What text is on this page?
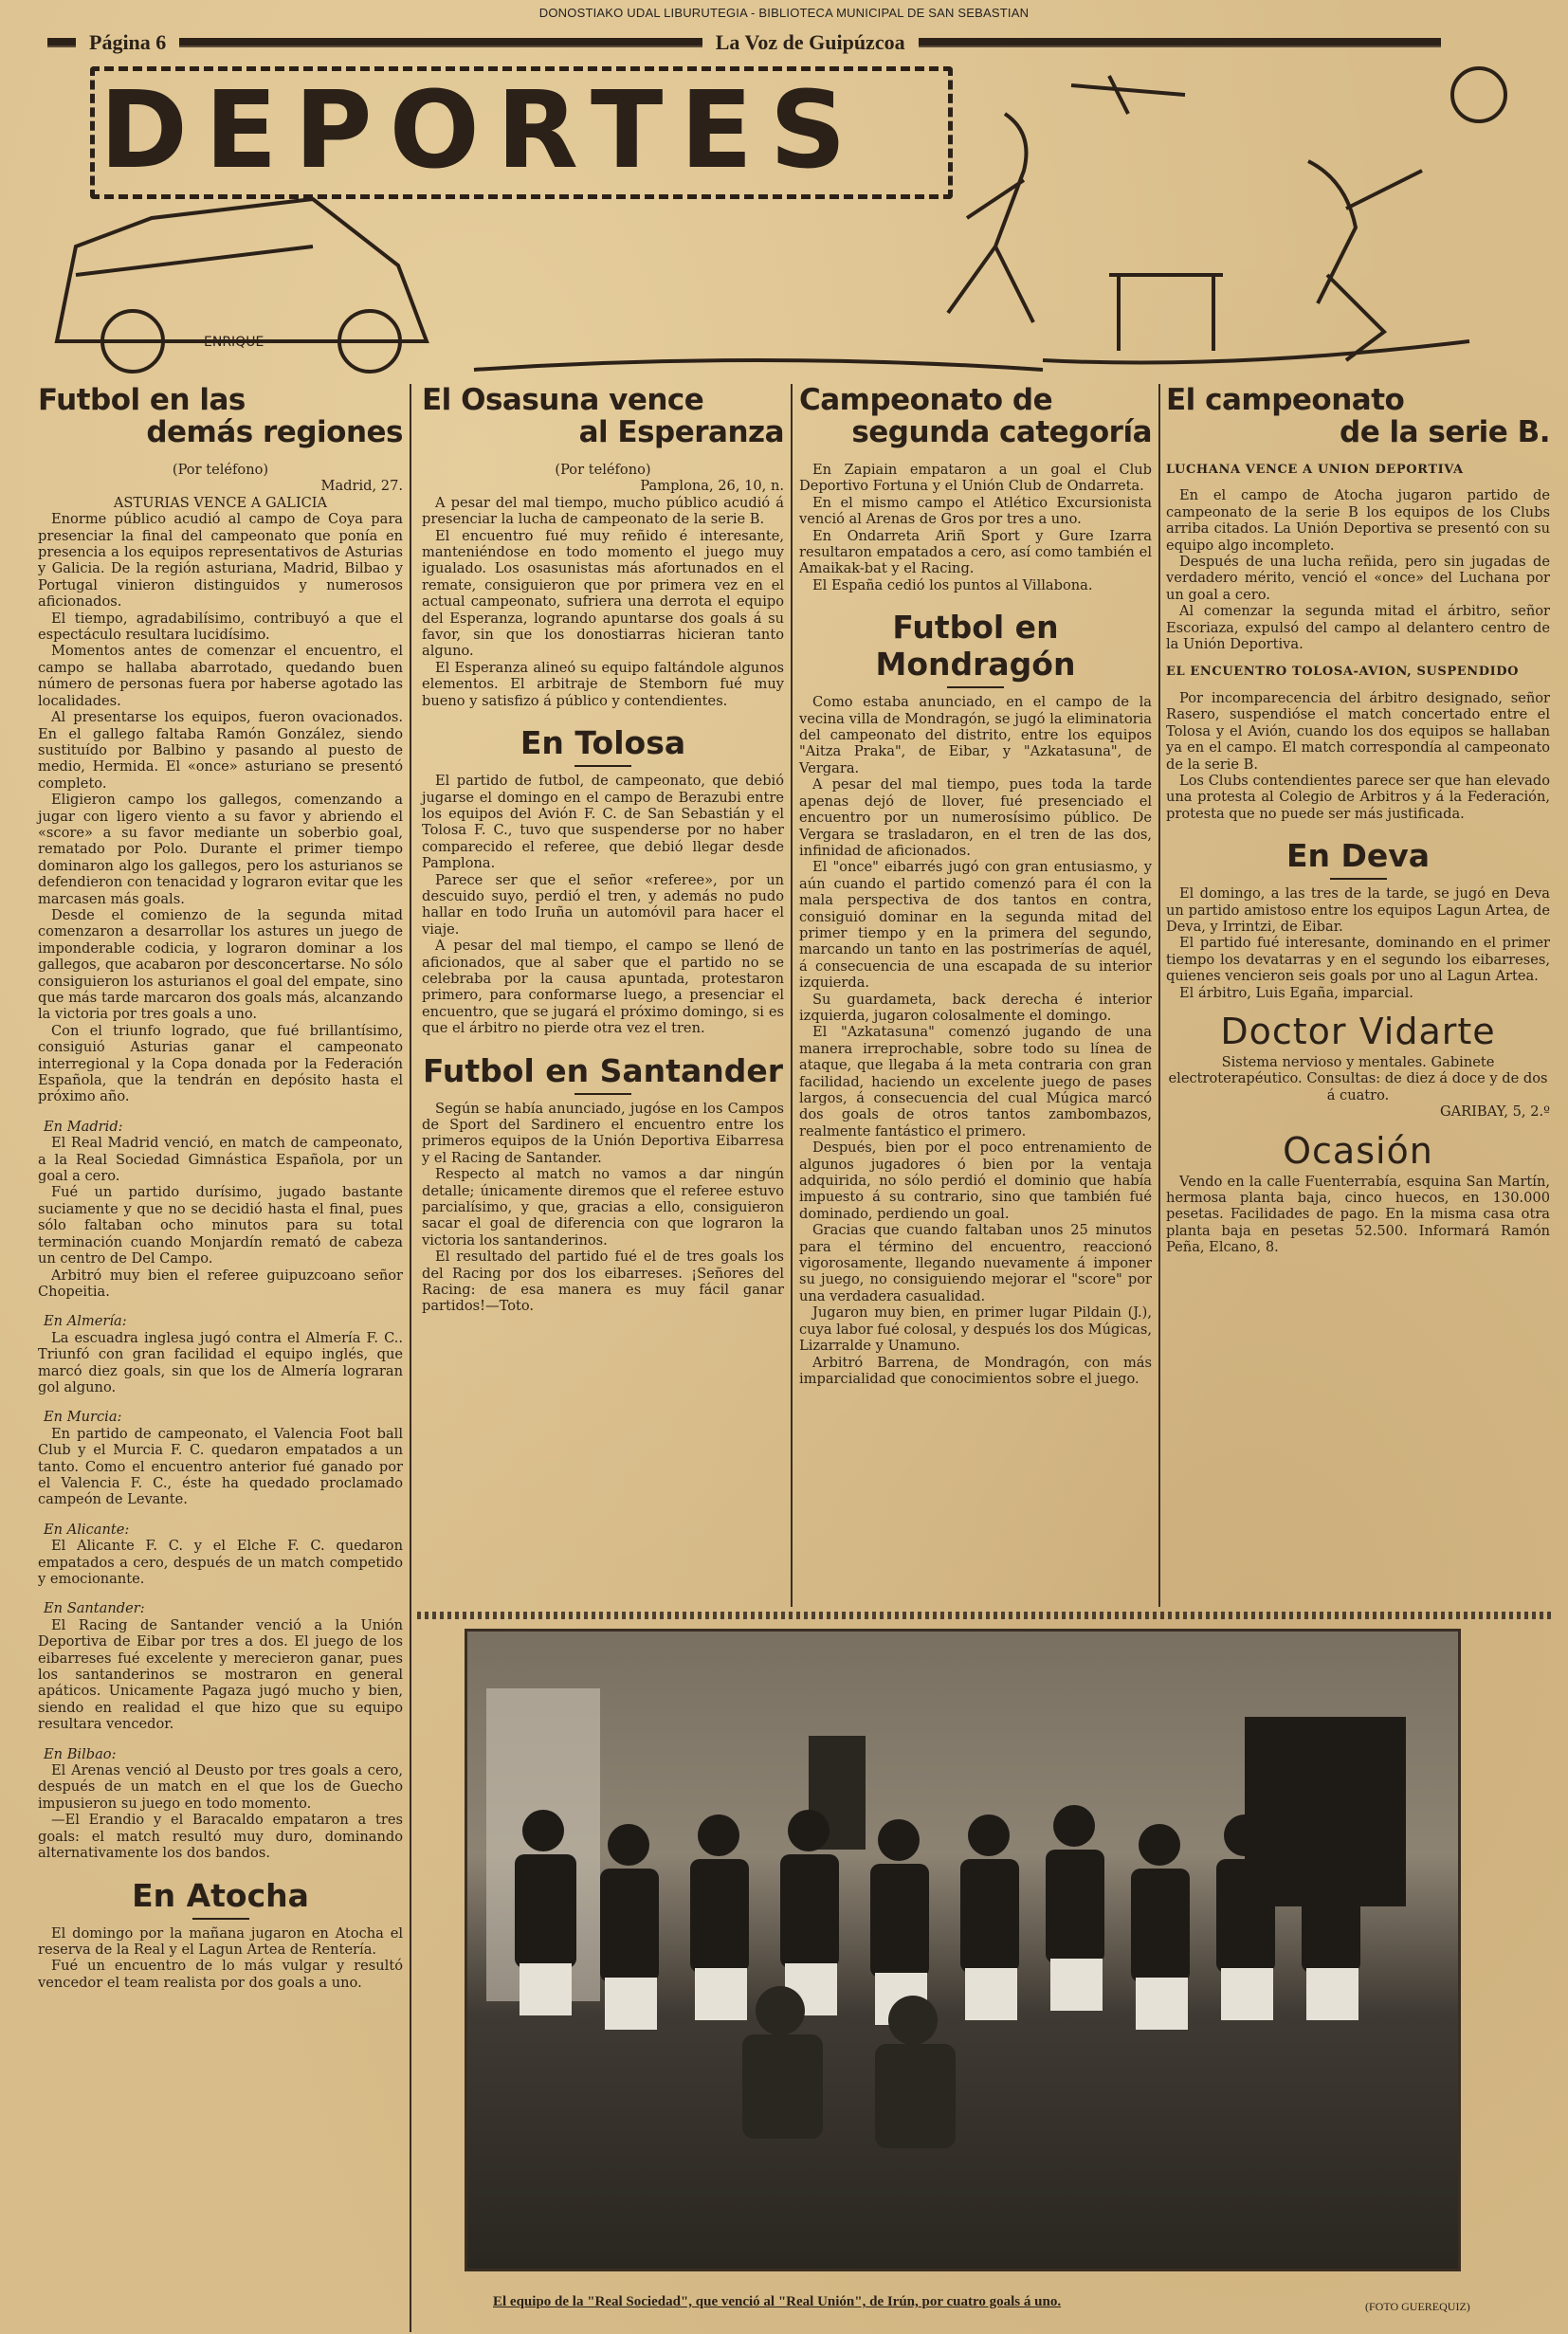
DONOSTIAKO UDAL LIBURUTEGIA - BIBLIOTECA MUNICIPAL DE SAN SEBASTIAN
Página 6	La Voz de Guipúzcoa
ENRIQUE
DEPORTES
Futbol en las
demás regiones
(Por teléfono)
Madrid, 27.
ASTURIAS VENCE A GALICIA

Enorme público acudió al campo de Coya para presenciar la final del campeonato que ponía en presencia a los equipos representativos de Asturias y Galicia. De la región asturiana, Madrid, Bilbao y Portugal vinieron distinguidos y numerosos aficionados.

El tiempo, agradabilísimo, contribuyó a que el espectáculo resultara lucidísimo.

Momentos antes de comenzar el encuentro, el campo se hallaba abarrotado, quedando buen número de personas fuera por haberse agotado las localidades.

Al presentarse los equipos, fueron ovacionados. En el gallego faltaba Ramón González, siendo sustituído por Balbino y pasando al puesto de medio, Hermida. El «once» asturiano se presentó completo.

Eligieron campo los gallegos, comenzando a jugar con ligero viento a su favor y abriendo el «score» a su favor mediante un soberbio goal, rematado por Polo. Durante el primer tiempo dominaron algo los gallegos, pero los asturianos se defendieron con tenacidad y lograron evitar que les marcasen más goals.

Desde el comienzo de la segunda mitad comenzaron a desarrollar los astures un juego de imponderable codicia, y lograron dominar a los gallegos, que acabaron por desconcertarse. No sólo consiguieron los asturianos el goal del empate, sino que más tarde marcaron dos goals más, alcanzando la victoria por tres goals a uno.

Con el triunfo logrado, que fué brillantísimo, consiguió Asturias ganar el campeonato interregional y la Copa donada por la Federación Española, que la tendrán en depósito hasta el próximo año.

En Madrid:

El Real Madrid venció, en match de campeonato, a la Real Sociedad Gimnástica Española, por un goal a cero.

Fué un partido durísimo, jugado bastante suciamente y que no se decidió hasta el final, pues sólo faltaban ocho minutos para su total terminación cuando Monjardín remató de cabeza un centro de Del Campo.

Arbitró muy bien el referee guipuzcoano señor Chopeitia.

En Almería:

La escuadra inglesa jugó contra el Almería F. C.. Triunfó con gran facilidad el equipo inglés, que marcó diez goals, sin que los de Almería lograran gol alguno.

En Murcia:

En partido de campeonato, el Valencia Foot ball Club y el Murcia F. C. quedaron empatados a un tanto. Como el encuentro anterior fué ganado por el Valencia F. C., éste ha quedado proclamado campeón de Levante.

En Alicante:

El Alicante F. C. y el Elche F. C. quedaron empatados a cero, después de un match competido y emocionante.

En Santander:

El Racing de Santander venció a la Unión Deportiva de Eibar por tres a dos. El juego de los eibarreses fué excelente y merecieron ganar, pues los santanderinos se mostraron en general apáticos. Unicamente Pagaza jugó mucho y bien, siendo en realidad el que hizo que su equipo resultara vencedor.

En Bilbao:

El Arenas venció al Deusto por tres goals a cero, después de un match en el que los de Guecho impusieron su juego en todo momento.

—El Erandio y el Baracaldo empataron a tres goals: el match resultó muy duro, dominando alternativamente los dos bandos.

En Atocha

El domingo por la mañana jugaron en Atocha el reserva de la Real y el Lagun Artea de Rentería.

Fué un encuentro de lo más vulgar y resultó vencedor el team realista por dos goals a uno.

El Osasuna vence
al Esperanza
(Por teléfono)
Pamplona, 26, 10, n.

A pesar del mal tiempo, mucho público acudió á presenciar la lucha de campeonato de la serie B.

El encuentro fué muy reñido é interesante, manteniéndose en todo momento el juego muy igualado. Los osasunistas más afortunados en el remate, consiguieron que por primera vez en el actual campeonato, sufriera una derrota el equipo del Esperanza, logrando apuntarse dos goals á su favor, sin que los donostiarras hicieran tanto alguno.

El Esperanza alineó su equipo faltándole algunos elementos. El arbitraje de Stemborn fué muy bueno y satisfizo á público y contendientes.

En Tolosa

El partido de futbol, de campeonato, que debió jugarse el domingo en el campo de Berazubi entre los equipos del Avión F. C. de San Sebastián y el Tolosa F. C., tuvo que suspenderse por no haber comparecido el referee, que debió llegar desde Pamplona.

Parece ser que el señor «referee», por un descuido suyo, perdió el tren, y además no pudo hallar en todo Iruña un automóvil para hacer el viaje.

A pesar del mal tiempo, el campo se llenó de aficionados, que al saber que el partido no se celebraba por la causa apuntada, protestaron primero, para conformarse luego, a presenciar el encuentro, que se jugará el próximo domingo, si es que el árbitro no pierde otra vez el tren.

Futbol en Santander

Según se había anunciado, jugóse en los Campos de Sport del Sardinero el encuentro entre los primeros equipos de la Unión Deportiva Eibarresa y el Racing de Santander.

Respecto al match no vamos a dar ningún detalle; únicamente diremos que el referee estuvo parcialísimo, y que, gracias a ello, consiguieron sacar el goal de diferencia con que lograron la victoria los santanderinos.

El resultado del partido fué el de tres goals los del Racing por dos los eibarreses. ¡Señores del Racing: de esa manera es muy fácil ganar partidos!—Toto.

Campeonato de
segunda categoría

En Zapiain empataron a un goal el Club Deportivo Fortuna y el Unión Club de Ondarreta.

En el mismo campo el Atlético Excursionista venció al Arenas de Gros por tres a uno.

En Ondarreta Ariñ Sport y Gure Izarra resultaron empatados a cero, así como también el Amaikak-bat y el Racing.

El España cedió los puntos al Villabona.

Futbol en Mondragón

Como estaba anunciado, en el campo de la vecina villa de Mondragón, se jugó la eliminatoria del campeonato del distrito, entre los equipos "Aitza Praka", de Eibar, y "Azkatasuna", de Vergara.

A pesar del mal tiempo, pues toda la tarde apenas dejó de llover, fué presenciado el encuentro por un numerosísimo público. De Vergara se trasladaron, en el tren de las dos, infinidad de aficionados.

El "once" eibarrés jugó con gran entusiasmo, y aún cuando el partido comenzó para él con la mala perspectiva de dos tantos en contra, consiguió dominar en la segunda mitad del primer tiempo y en la primera del segundo, marcando un tanto en las postrimerías de aquél, á consecuencia de una escapada de su interior izquierda.

Su guardameta, back derecha é interior izquierda, jugaron colosalmente el domingo.

El "Azkatasuna" comenzó jugando de una manera irreprochable, sobre todo su línea de ataque, que llegaba á la meta contraria con gran facilidad, haciendo un excelente juego de pases largos, á consecuencia del cual Múgica marcó dos goals de otros tantos zambombazos, realmente fantástico el primero.

Después, bien por el poco entrenamiento de algunos jugadores ó bien por la ventaja adquirida, no sólo perdió el dominio que había impuesto á su contrario, sino que también fué dominado, perdiendo un goal.

Gracias que cuando faltaban unos 25 minutos para el término del encuentro, reaccionó vigorosamente, llegando nuevamente á imponer su juego, no consiguiendo mejorar el "score" por una verdadera casualidad.

Jugaron muy bien, en primer lugar Pildain (J.), cuya labor fué colosal, y después los dos Múgicas, Lizarralde y Unamuno.

Arbitró Barrena, de Mondragón, con más imparcialidad que conocimientos sobre el juego.

El campeonato
de la serie B.
LUCHANA VENCE A UNION DEPORTIVA

En el campo de Atocha jugaron partido de campeonato de la serie B los equipos de los Clubs arriba citados. La Unión Deportiva se presentó con su equipo algo incompleto.

Después de una lucha reñida, pero sin jugadas de verdadero mérito, venció el «once» del Luchana por un goal a cero.

Al comenzar la segunda mitad el árbitro, señor Escoriaza, expulsó del campo al delantero centro de la Unión Deportiva.

EL ENCUENTRO TOLOSA-AVION, SUSPENDIDO

Por incomparecencia del árbitro designado, señor Rasero, suspendióse el match concertado entre el Tolosa y el Avión, cuando los dos equipos se hallaban ya en el campo. El match correspondía al campeonato de la serie B.

Los Clubs contendientes parece ser que han elevado una protesta al Colegio de Arbitros y á la Federación, protesta que no puede ser más justificada.

En Deva

El domingo, a las tres de la tarde, se jugó en Deva un partido amistoso entre los equipos Lagun Artea, de Deva, y Irrintzi, de Eibar.

El partido fué interesante, dominando en el primer tiempo los devatarras y en el segundo los eibarreses, quienes vencieron seis goals por uno al Lagun Artea.

El árbitro, Luis Egaña, imparcial.

Doctor Vidarte
Sistema nervioso y mentales. Gabinete electroterapéutico. Consultas: de diez á doce y de dos á cuatro.
GARIBAY, 5, 2.º
Ocasión

Vendo en la calle Fuenterrabía, esquina San Martín, hermosa planta baja, cinco huecos, en 130.000 pesetas. Facilidades de pago. En la misma casa otra planta baja en pesetas 52.500. Informará Ramón Peña, Elcano, 8.

El equipo de la "Real Sociedad", que venció al "Real Unión", de Irún, por cuatro goals á uno.	(FOTO GUEREQUIZ)
